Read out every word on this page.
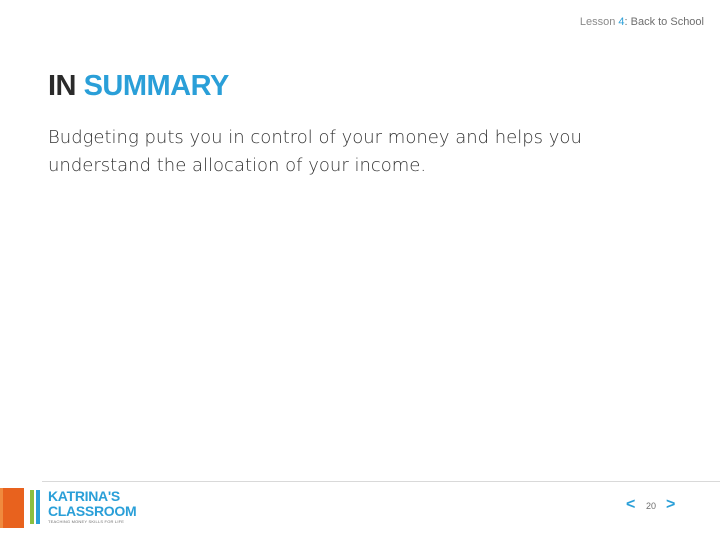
Lesson 4: Back to School
IN SUMMARY
Budgeting puts you in control of your money and helps you understand the allocation of your income.
KATRINA'S
CLASSROOM
TEACHING MONEY SKILLS FOR LIFE
< 20 >
